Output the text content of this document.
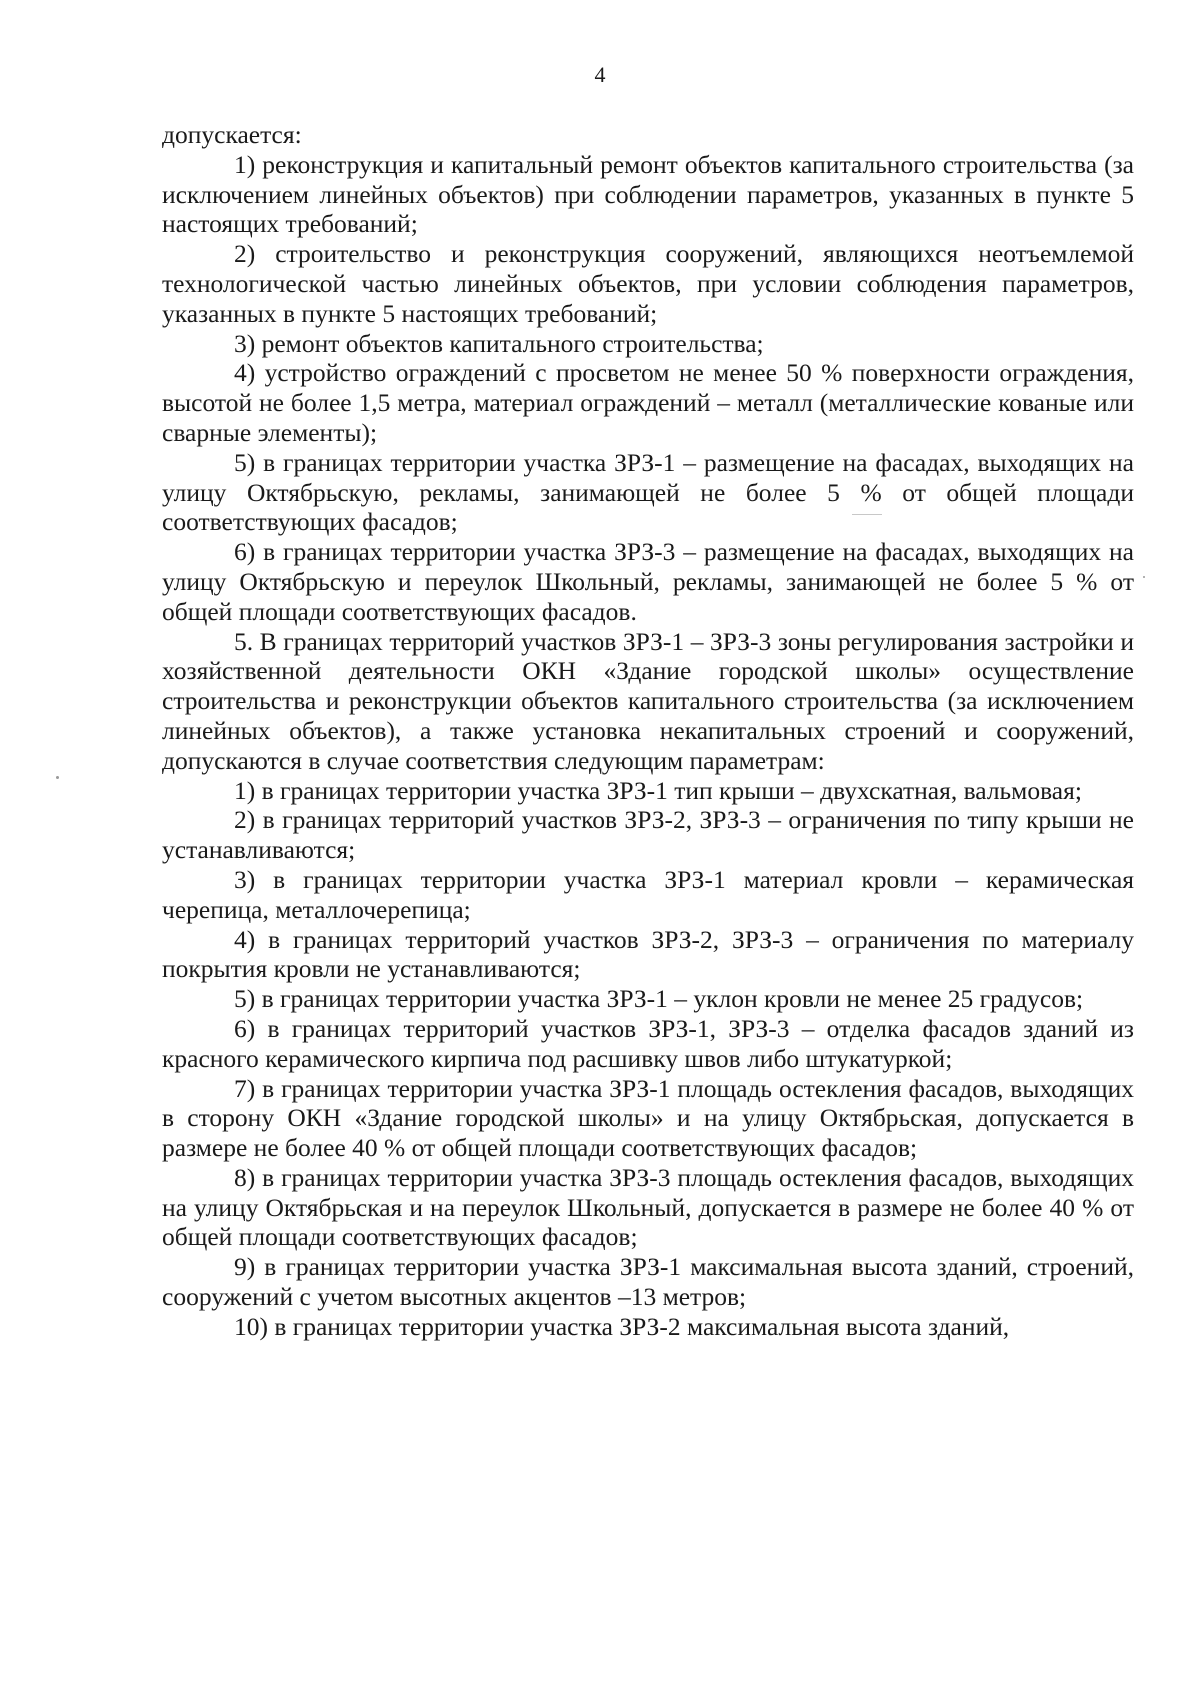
4

допускается:

1) реконструкция и капитальный ремонт объектов капитального строительства (за исключением линейных объектов) при соблюдении параметров, указанных в пункте 5 настоящих требований;

2) строительство и реконструкция сооружений, являющихся неотъемлемой технологической частью линейных объектов, при условии соблюдения параметров, указанных в пункте 5 настоящих требований;

3) ремонт объектов капитального строительства;

4) устройство ограждений с просветом не менее 50 % поверхности ограждения, высотой не более 1,5 метра, материал ограждений – металл (металлические кованые или сварные элементы);

5) в границах территории участка ЗРЗ-1 – размещение на фасадах, выходящих на улицу Октябрьскую, рекламы, занимающей не более 5 % от общей площади соответствующих фасадов;

6) в границах территории участка ЗРЗ-3 – размещение на фасадах, выходящих на улицу Октябрьскую и переулок Школьный, рекламы, занимающей не более 5 % от общей площади соответствующих фасадов.

5. В границах территорий участков ЗРЗ-1 – ЗРЗ-3 зоны регулирования застройки и хозяйственной деятельности ОКН «Здание городской школы» осуществление строительства и реконструкции объектов капитального строительства (за исключением линейных объектов), а также установка некапитальных строений и сооружений, допускаются в случае соответствия следующим параметрам:

1) в границах территории участка ЗРЗ-1 тип крыши – двухскатная, вальмовая;

2) в границах территорий участков ЗРЗ-2, ЗРЗ-3 – ограничения по типу крыши не устанавливаются;

3) в границах территории участка ЗРЗ-1 материал кровли – керамическая черепица, металлочерепица;

4) в границах территорий участков ЗРЗ-2, ЗРЗ-3 – ограничения по материалу покрытия кровли не устанавливаются;

5) в границах территории участка ЗРЗ-1 – уклон кровли не менее 25 градусов;

6) в границах территорий участков ЗРЗ-1, ЗРЗ-3 – отделка фасадов зданий из красного керамического кирпича под расшивку швов либо штукатуркой;

7) в границах территории участка ЗРЗ-1 площадь остекления фасадов, выходящих в сторону ОКН «Здание городской школы» и на улицу Октябрьская, допускается в размере не более 40 % от общей площади соответствующих фасадов;

8) в границах территории участка ЗРЗ-3 площадь остекления фасадов, выходящих на улицу Октябрьская и на переулок Школьный, допускается в размере не более 40 % от общей площади соответствующих фасадов;

9) в границах территории участка ЗРЗ-1 максимальная высота зданий, строений, сооружений с учетом высотных акцентов –13 метров;

10) в границах территории участка ЗРЗ-2 максимальная высота зданий,
